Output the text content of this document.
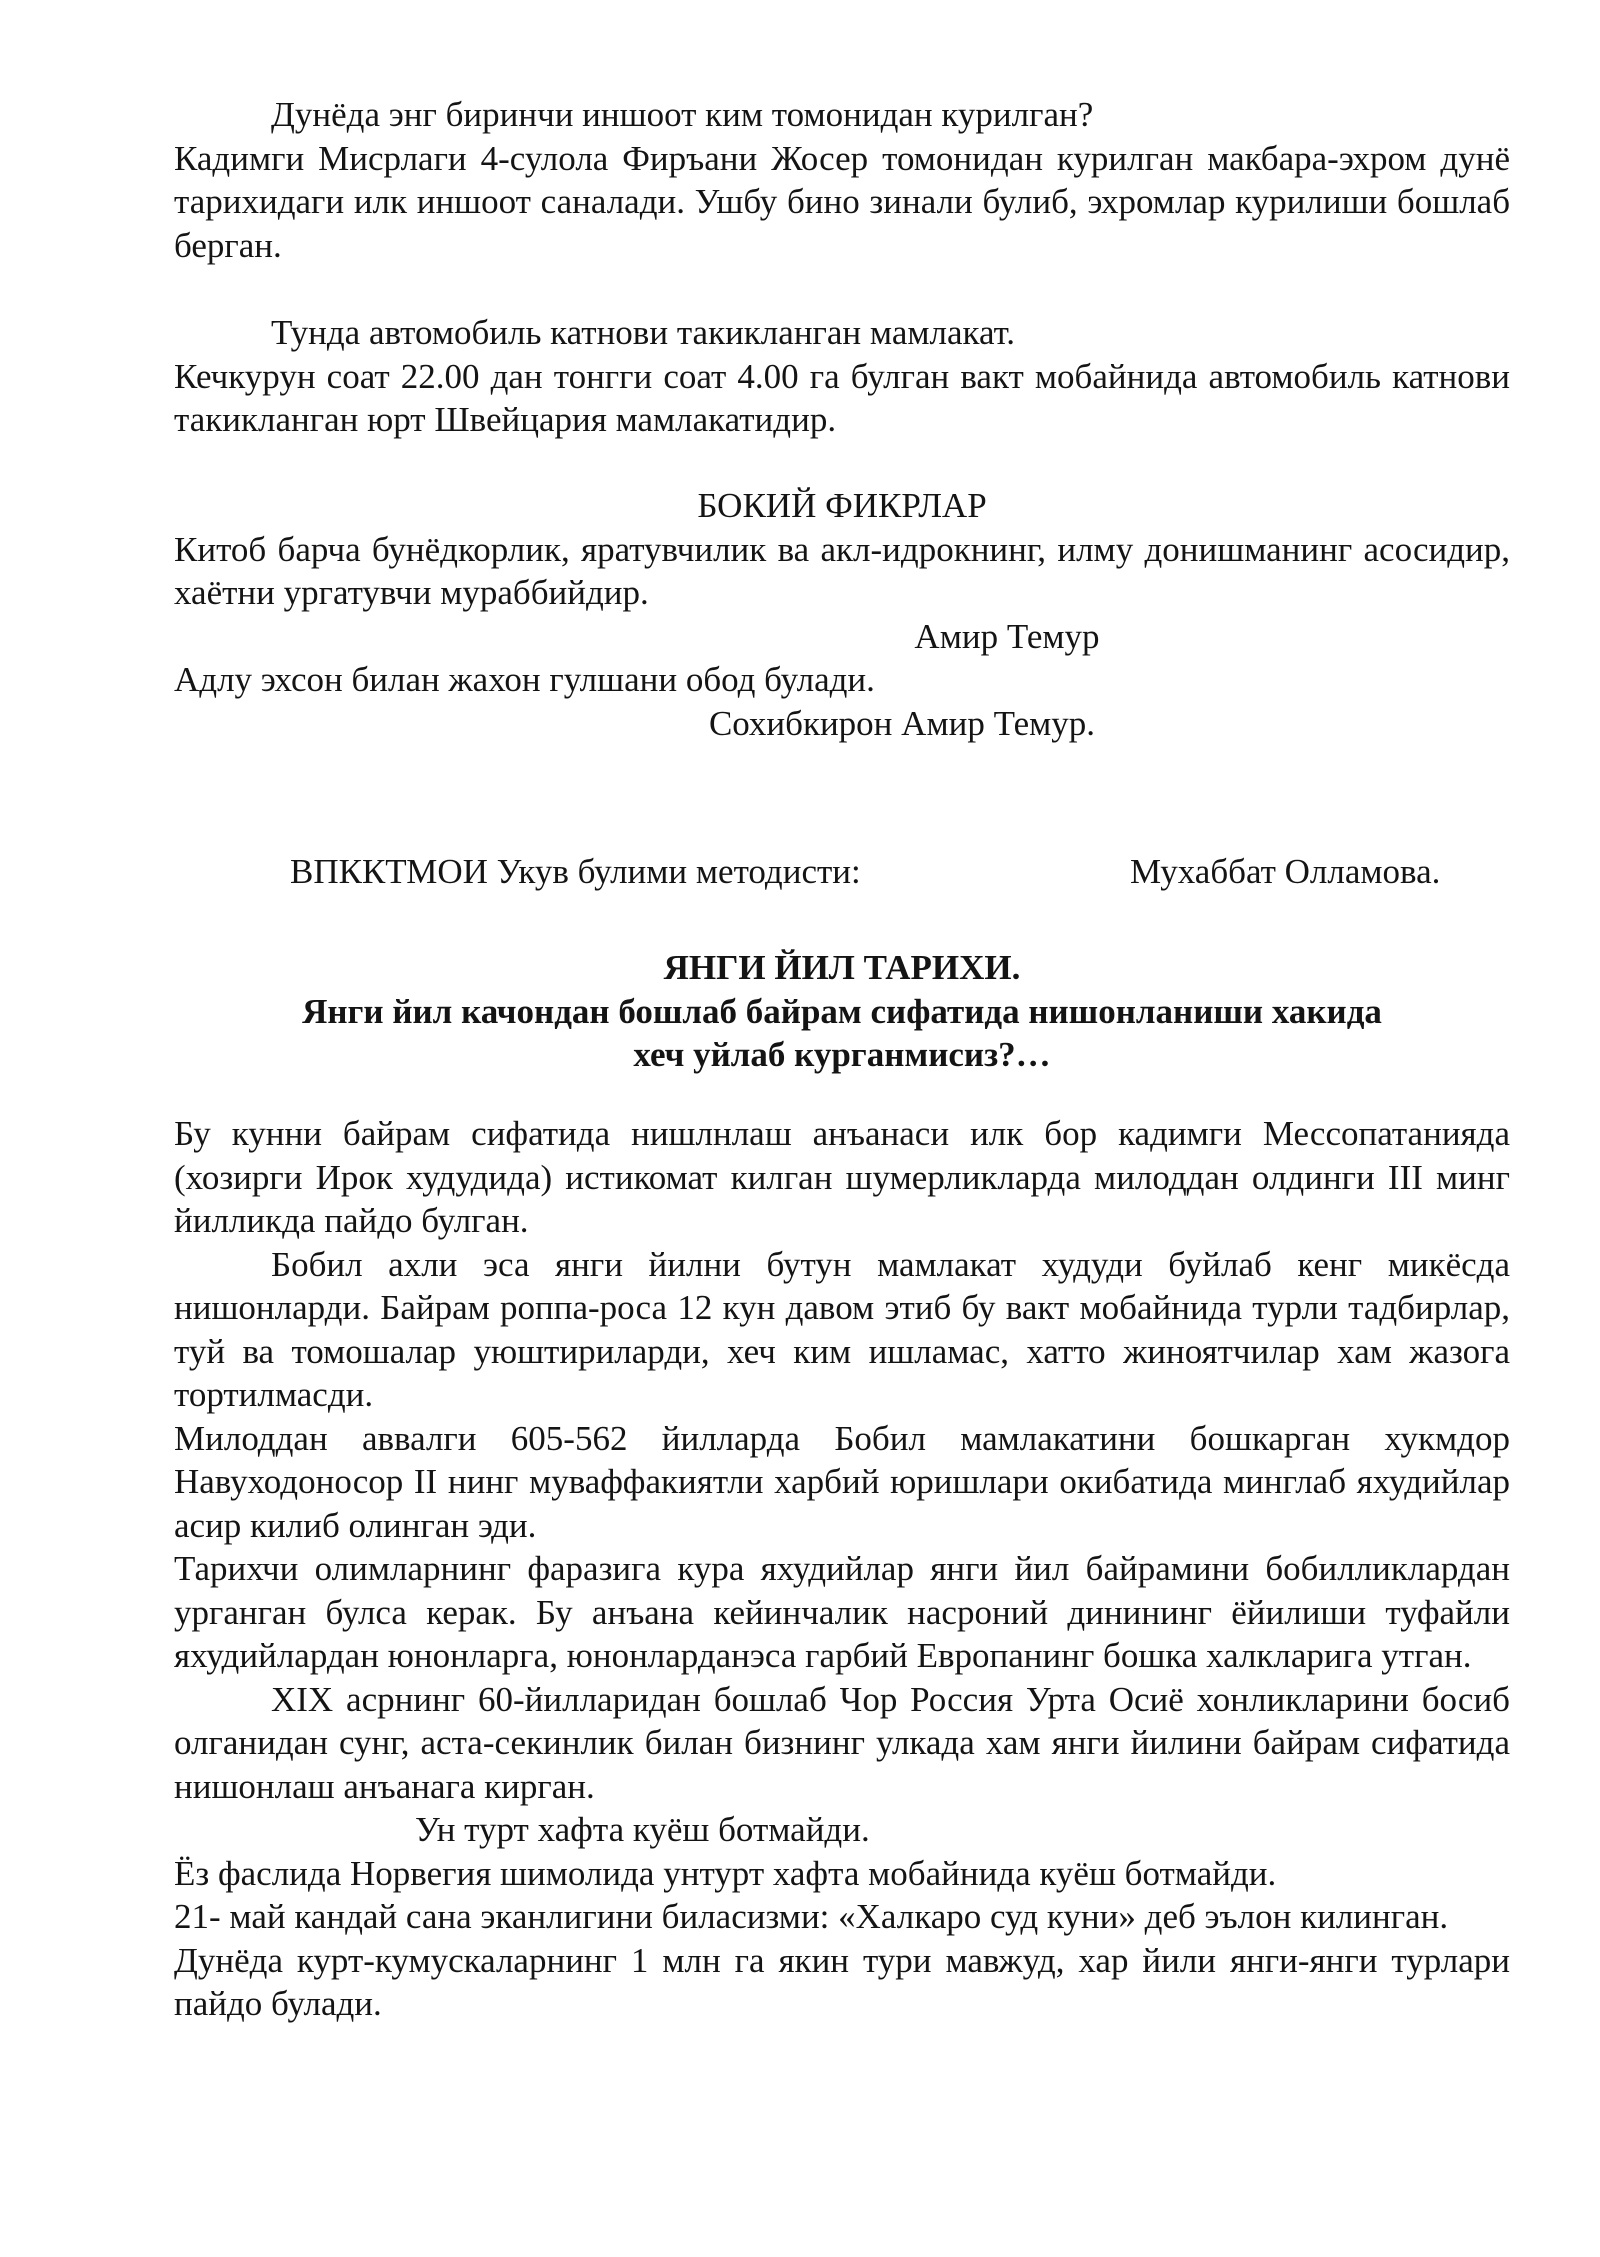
Дунёда энг биринчи иншоот ким томонидан курилган?

Кадимги Мисрлаги 4-сулола Фиръани Жосер томонидан курилган макбара-эхром дунё тарихидаги илк иншоот саналади. Ушбу бино зинали булиб, эхромлар курилиши бошлаб берган.

Тунда автомобиль катнови такикланган мамлакат.

Кечкурун соат 22.00 дан тонгги соат 4.00 га булган вакт мобайнида автомобиль катнови такикланган юрт Швейцария мамлакатидир.

БОКИЙ ФИКРЛАР

Китоб барча бунёдкорлик, яратувчилик ва акл-идрокнинг, илму донишманинг асосидир, хаётни ургатувчи мураббийдир.

Амир Темур

Адлу эхсон билан жахон гулшани обод булади.

Сохибкирон Амир Темур.

ВПККТМОИ Укув булими методисти:	Мухаббат Олламова.

ЯНГИ ЙИЛ ТАРИХИ.

Янги йил качондан бошлаб байрам сифатида нишонланиши хакида

хеч уйлаб курганмисиз?…

Бу кунни байрам сифатида нишлнлаш анъанаси илк бор кадимги Мессопатанияда (хозирги Ирок худудида) истикомат килган шумерликларда милоддан олдинги III минг йилликда пайдо булган.

Бобил ахли эса янги йилни бутун мамлакат худуди буйлаб кенг микёсда нишонларди. Байрам роппа-роса 12 кун давом этиб бу вакт мобайнида турли тадбирлар, туй ва томошалар уюштириларди, хеч ким ишламас, хатто жиноятчилар хам жазога тортилмасди.

Милоддан аввалги 605-562 йилларда Бобил мамлакатини бошкарган хукмдор Навуходоносор II нинг муваффакиятли харбий юришлари окибатида минглаб яхудийлар асир килиб олинган эди.

Тарихчи олимларнинг фаразига кура яхудийлар янги йил байрамини бобилликлардан урганган булса керак. Бу анъана кейинчалик насроний динининг ёйилиши туфайли яхудийлардан юнонларга, юнонларданэса гарбий Европанинг бошка халкларига утган.

XIX асрнинг 60-йилларидан бошлаб Чор Россия Урта Осиё хонликларини босиб олганидан сунг, аста-секинлик билан бизнинг улкада хам янги йилини байрам сифатида нишонлаш анъанага кирган.

Ун турт хафта куёш ботмайди.

Ёз фаслида Норвегия шимолида унтурт хафта мобайнида куёш ботмайди.

21- май кандай сана эканлигини биласизми: «Халкаро суд куни» деб эълон килинган.

Дунёда курт-кумускаларнинг 1 млн га якин тури мавжуд, хар йили янги-янги турлари пайдо булади.
